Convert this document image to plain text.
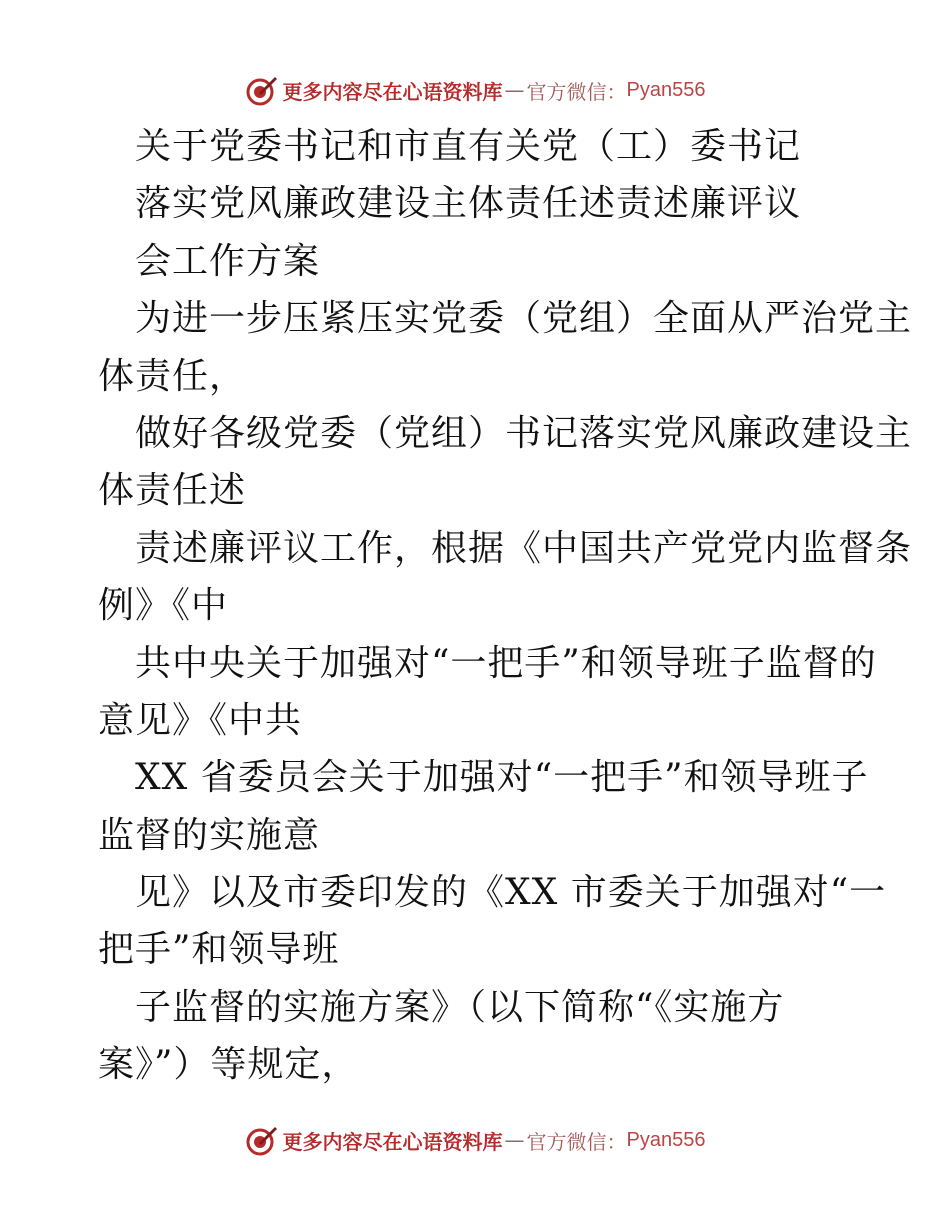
更多内容尽在心语资料库 — 官方微信： Pyan556
关于党委书记和市直有关党（工）委书记
落实党风廉政建设主体责任述责述廉评议
会工作方案
为进一步压紧压实党委（党组）全面从严治党主
体责任，
做好各级党委（党组）书记落实党风廉政建设主
体责任述
责述廉评议工作，根据《中国共产党党内监督条
例》《中
共中央关于加强对“一把手”和领导班子监督的
意见》《中共
XX 省委员会关于加强对“一把手”和领导班子
监督的实施意
见》以及市委印发的《XX 市委关于加强对“一
把手”和领导班
子监督的实施方案》（以下简称“《实施方
案》”）等规定，
更多内容尽在心语资料库 — 官方微信： Pyan556
